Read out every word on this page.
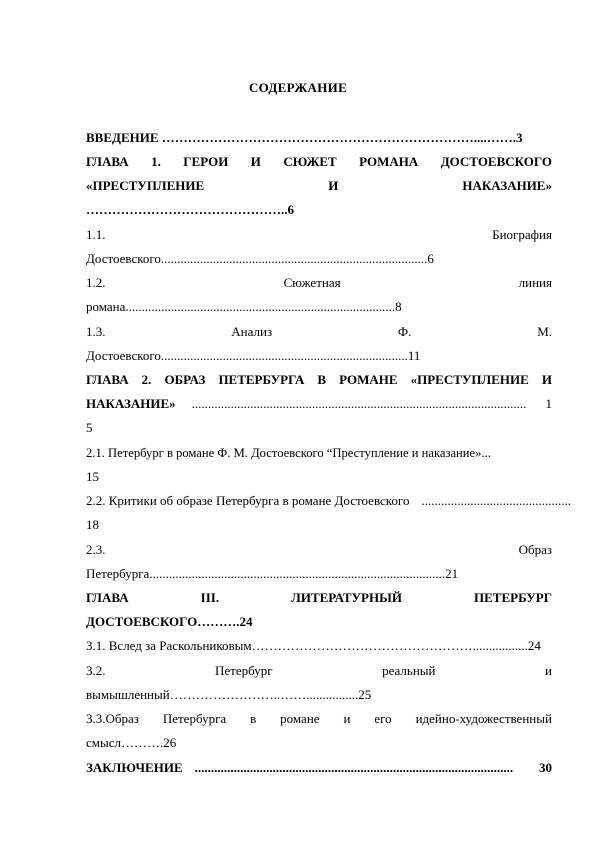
СОДЕРЖАНИЕ
ВВЕДЕНИЕ ………………………………………………………………....…….3
ГЛАВА 1. ГЕРОИ И СЮЖЕТ РОМАНА ДОСТОЕВСКОГО
«ПРЕСТУПЛЕНИЕ	И	НАКАЗАНИЕ»
………………………………………..6
1.1.	Биография
Достоевского..................................................................................6
1.2.	Сюжетная	линия
романа...................................................................................8
1.3.	Анализ	Ф.	М.
Достоевского............................................................................11
ГЛАВА 2. ОБРАЗ ПЕТЕРБУРГА В РОМАНЕ «ПРЕСТУПЛЕНИЕ И
НАКАЗАНИЕ» .......................................................................................................	1
5
2.1. Петербург в романе Ф. М. Достоевского “Преступление и наказание»...
15
2.2. Критики об образе Петербурга в романе Достоевского ..............................................
18
2.3.	Образ
Петербурга...........................................................................................21
ГЛАВА	III.	ЛИТЕРАТУРНЫЙ	ПЕТЕРБУРГ
ДОСТОЕВСКОГО……….24
3.1. Вслед за Раскольниковым…………………………………………….................24
3.2.	Петербург	реальный	и
вымышленный……………………..……................25
3.3.Образ Петербурга в романе и его идейно-художественный
смысл……….26
ЗАКЛЮЧЕНИЕ ..................................................................................................	30
